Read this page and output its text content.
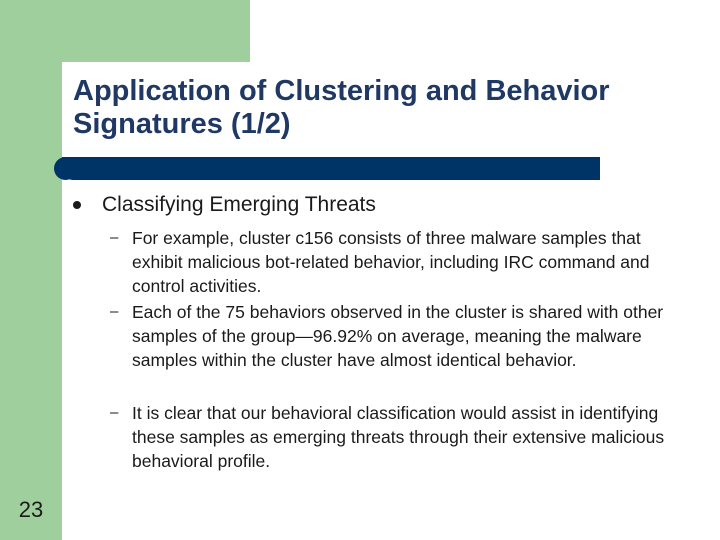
Application of Clustering and Behavior Signatures (1/2)
Classifying Emerging Threats
– For example, cluster c156 consists of three malware samples that exhibit malicious bot-related behavior, including IRC command and control activities.
– Each of the 75 behaviors observed in the cluster is shared with other samples of the group—96.92% on average, meaning the malware samples within the cluster have almost identical behavior.
– It is clear that our behavioral classification would assist in identifying these samples as emerging threats through their extensive malicious behavioral profile.
23
